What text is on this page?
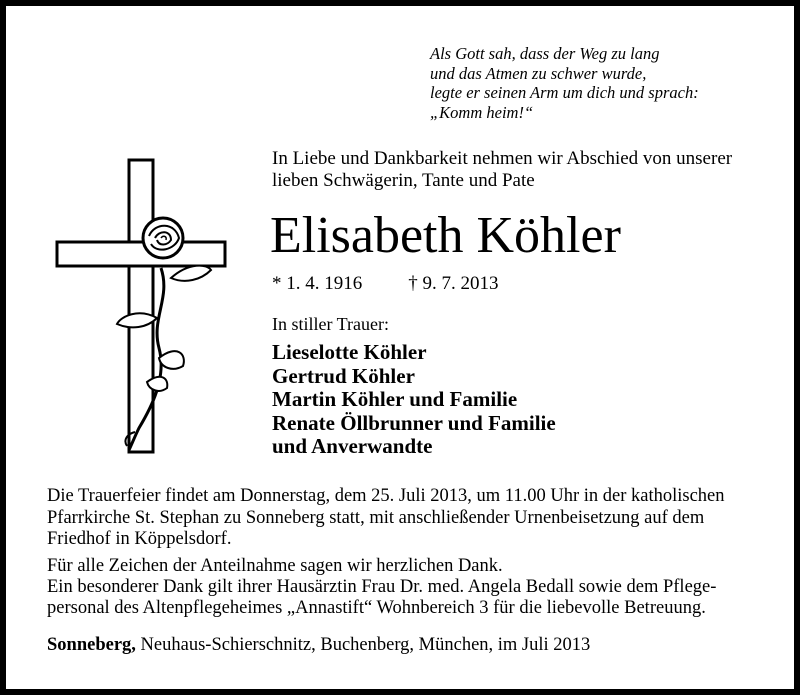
Als Gott sah, dass der Weg zu lang
und das Atmen zu schwer wurde,
legte er seinen Arm um dich und sprach:
„Komm heim!“
In Liebe und Dankbarkeit nehmen wir Abschied von unserer
lieben Schwägerin, Tante und Pate
Elisabeth Köhler
* 1. 4. 1916 † 9. 7. 2013
In stiller Trauer:
Lieselotte Köhler
Gertrud Köhler
Martin Köhler und Familie
Renate Öllbrunner und Familie
und Anverwandte
Die Trauerfeier findet am Donnerstag, dem 25. Juli 2013, um 11.00 Uhr in der katholischen
Pfarrkirche St. Stephan zu Sonneberg statt, mit anschließender Urnenbeisetzung auf dem
Friedhof in Köppelsdorf.
Für alle Zeichen der Anteilnahme sagen wir herzlichen Dank.
Ein besonderer Dank gilt ihrer Hausärztin Frau Dr. med. Angela Bedall sowie dem Pflege-
personal des Altenpflegeheimes „Annastift“ Wohnbereich 3 für die liebevolle Betreuung.
Sonneberg, Neuhaus-Schierschnitz, Buchenberg, München, im Juli 2013
